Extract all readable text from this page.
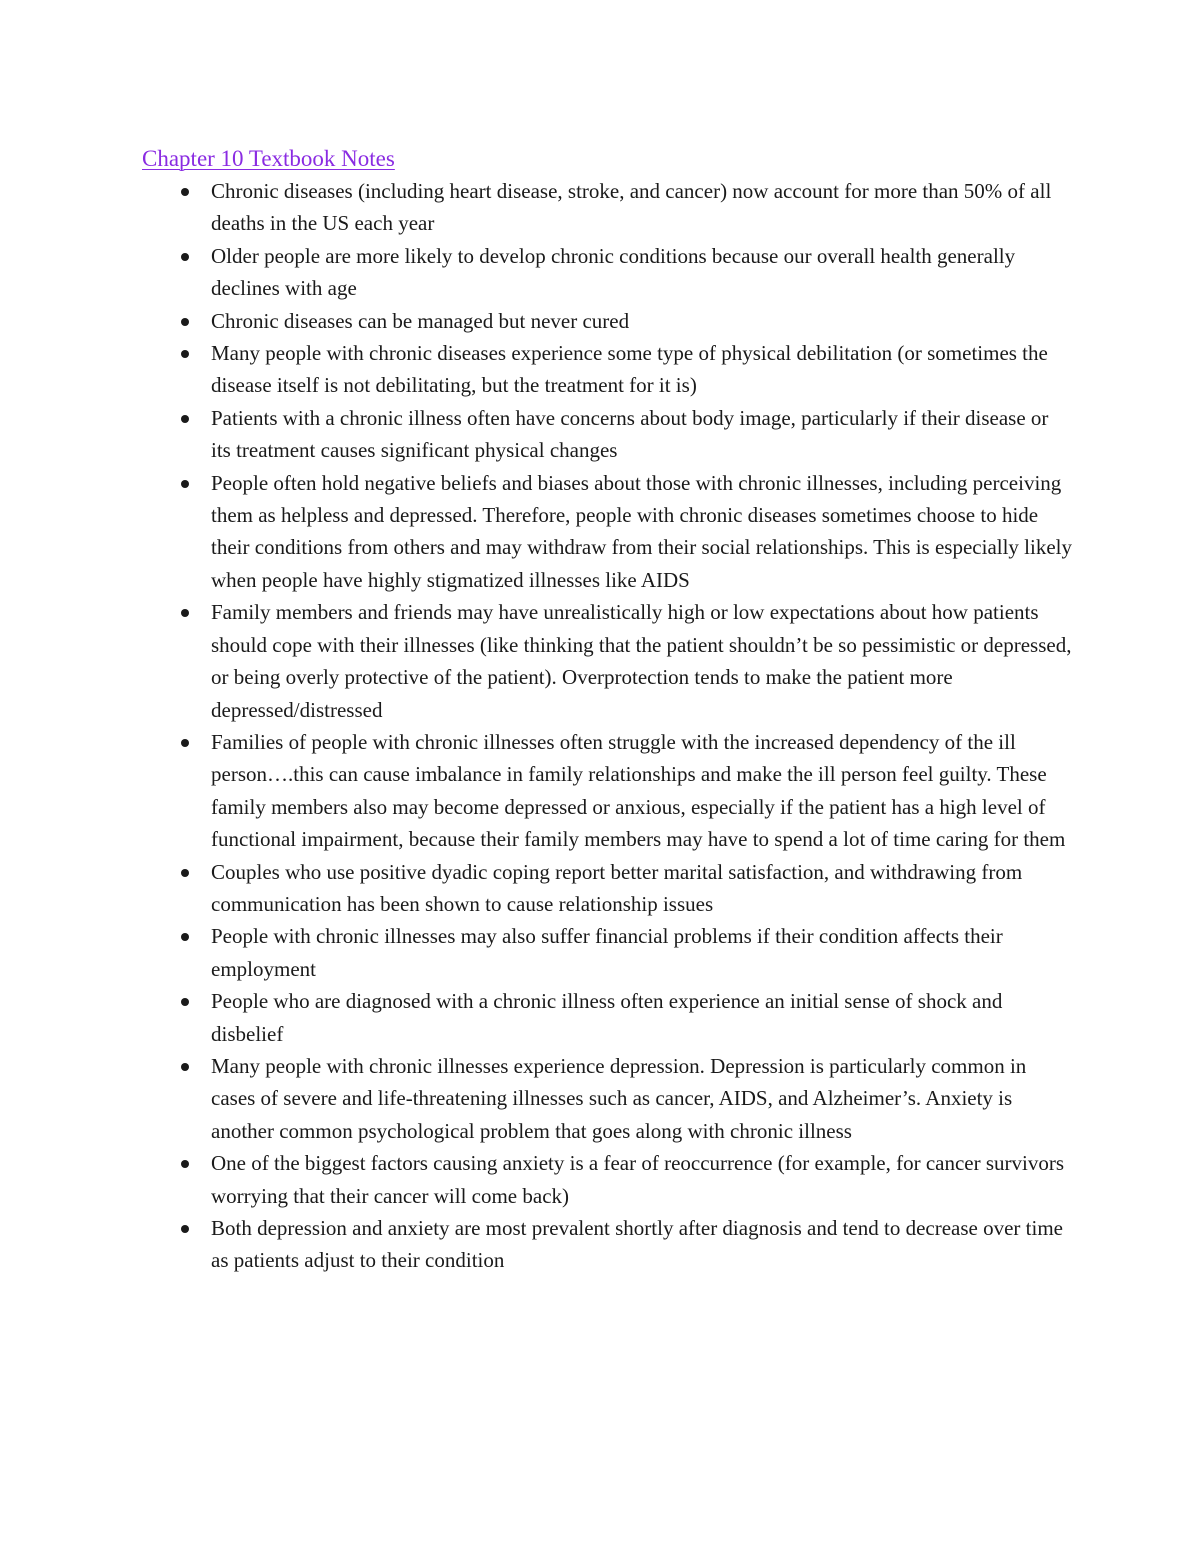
Chapter 10 Textbook Notes
Chronic diseases (including heart disease, stroke, and cancer) now account for more than 50% of all deaths in the US each year
Older people are more likely to develop chronic conditions because our overall health generally declines with age
Chronic diseases can be managed but never cured
Many people with chronic diseases experience some type of physical debilitation (or sometimes the disease itself is not debilitating, but the treatment for it is)
Patients with a chronic illness often have concerns about body image, particularly if their disease or its treatment causes significant physical changes
People often hold negative beliefs and biases about those with chronic illnesses, including perceiving them as helpless and depressed. Therefore, people with chronic diseases sometimes choose to hide their conditions from others and may withdraw from their social relationships. This is especially likely when people have highly stigmatized illnesses like AIDS
Family members and friends may have unrealistically high or low expectations about how patients should cope with their illnesses (like thinking that the patient shouldn’t be so pessimistic or depressed, or being overly protective of the patient). Overprotection tends to make the patient more depressed/distressed
Families of people with chronic illnesses often struggle with the increased dependency of the ill person….this can cause imbalance in family relationships and make the ill person feel guilty. These family members also may become depressed or anxious, especially if the patient has a high level of functional impairment, because their family members may have to spend a lot of time caring for them
Couples who use positive dyadic coping report better marital satisfaction, and withdrawing from communication has been shown to cause relationship issues
People with chronic illnesses may also suffer financial problems if their condition affects their employment
People who are diagnosed with a chronic illness often experience an initial sense of shock and disbelief
Many people with chronic illnesses experience depression. Depression is particularly common in cases of severe and life-threatening illnesses such as cancer, AIDS, and Alzheimer’s. Anxiety is another common psychological problem that goes along with chronic illness
One of the biggest factors causing anxiety is a fear of reoccurrence (for example, for cancer survivors worrying that their cancer will come back)
Both depression and anxiety are most prevalent shortly after diagnosis and tend to decrease over time as patients adjust to their condition
